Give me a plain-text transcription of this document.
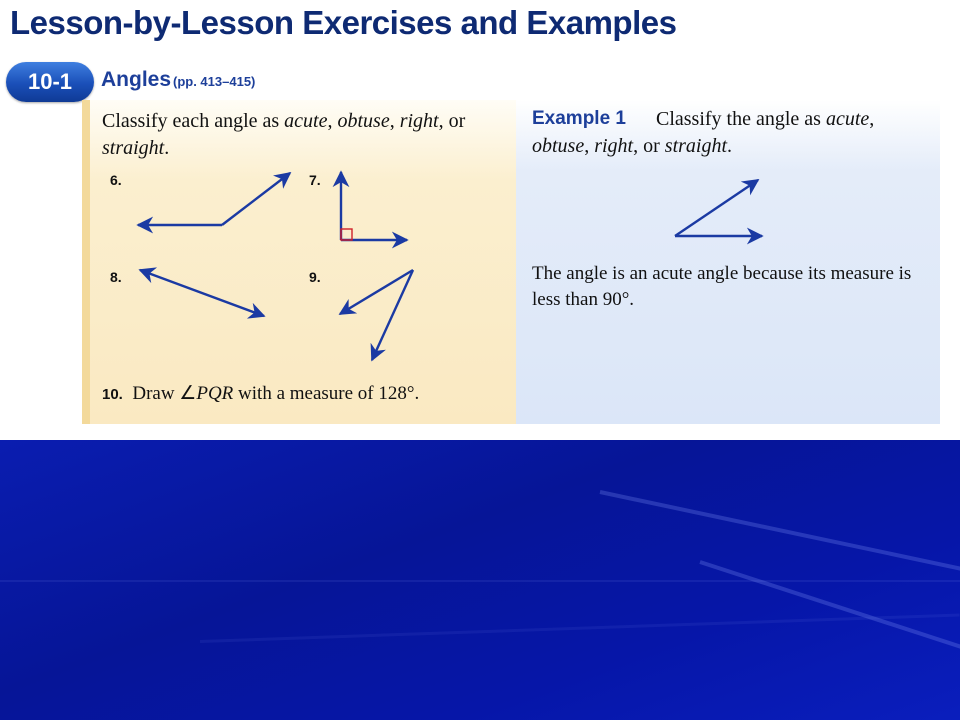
Lesson-by-Lesson Exercises and Examples
10-1	Angles (pp. 413–415)
Classify each angle as acute, obtuse, right, or straight.
Example 1 Classify the angle as acute,
obtuse, right, or straight.
6.	7.
8.	9.	The angle is an acute angle because its measure is less than 90°.
10. Draw ∠PQR with a measure of 128°.
